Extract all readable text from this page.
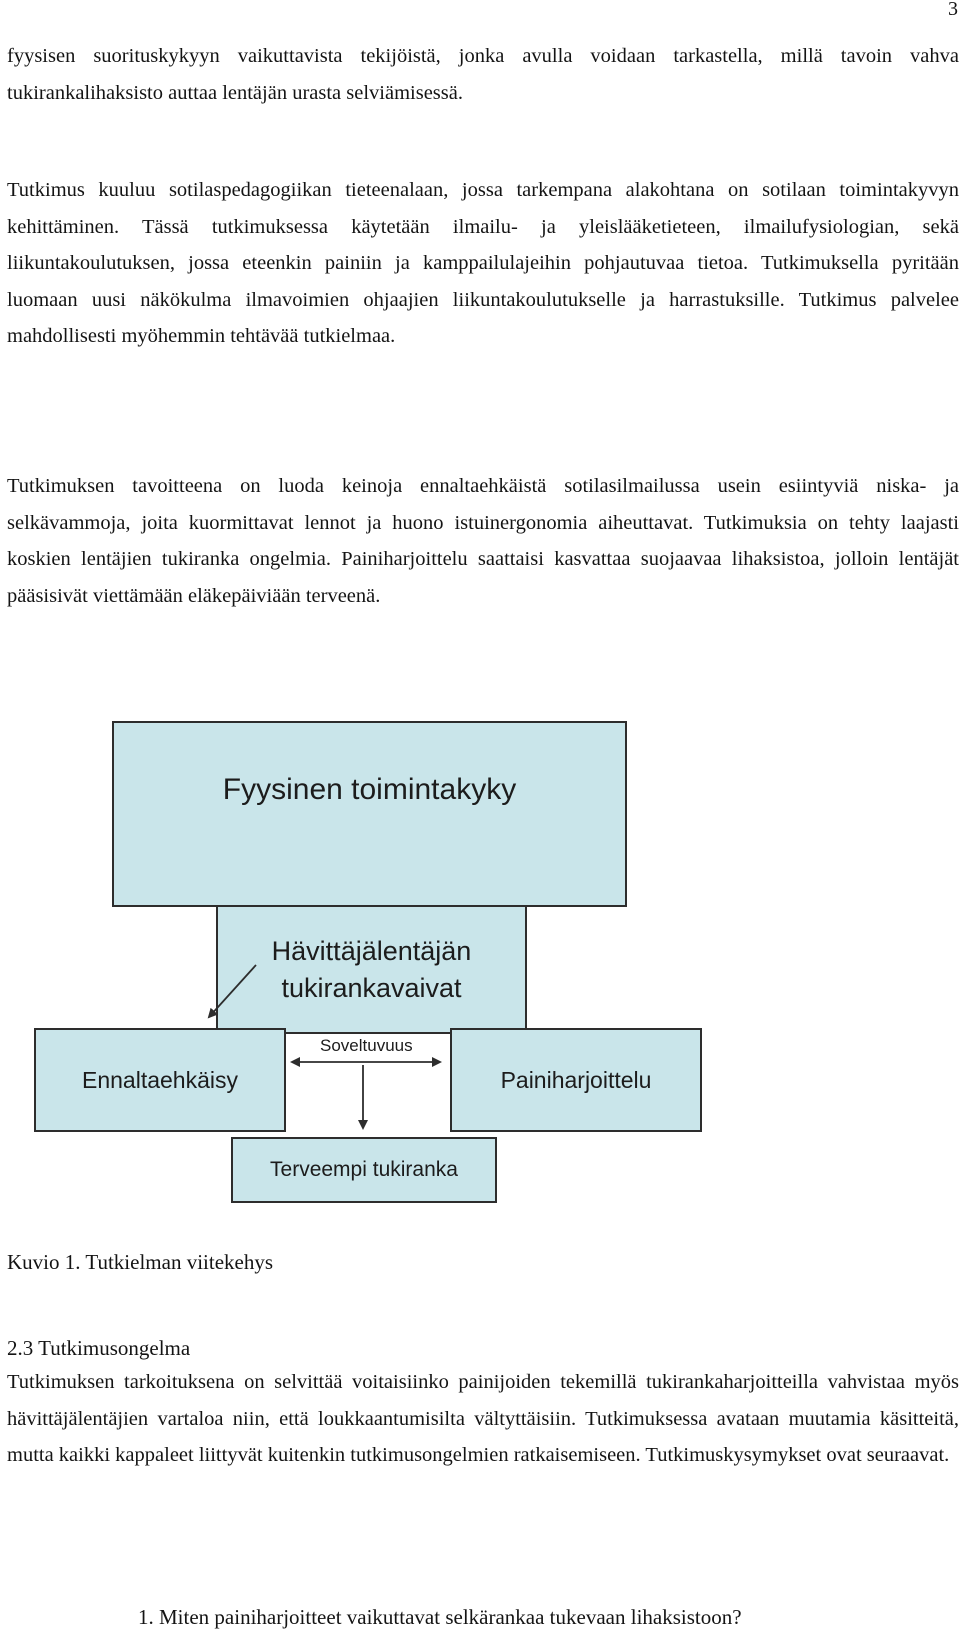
3

fyysisen suorituskykyyn vaikuttavista tekijöistä, jonka avulla voidaan tarkastella, millä tavoin vahva tukirankalihaksisto auttaa lentäjän urasta selviämisessä.

Tutkimus kuuluu sotilaspedagogiikan tieteenalaan, jossa tarkempana alakohtana on sotilaan toimintakyvyn kehittäminen. Tässä tutkimuksessa käytetään ilmailu- ja yleislääketieteen, ilmailufysiologian, sekä liikuntakoulutuksen, jossa eteenkin painiin ja kamppailulajeihin pohjautuvaa tietoa. Tutkimuksella pyritään luomaan uusi näkökulma ilmavoimien ohjaajien liikuntakoulutukselle ja harrastuksille. Tutkimus palvelee mahdollisesti myöhemmin tehtävää tutkielmaa.

Tutkimuksen tavoitteena on luoda keinoja ennaltaehkäistä sotilasilmailussa usein esiintyviä niska- ja selkävammoja, joita kuormittavat lennot ja huono istuinergonomia aiheuttavat. Tutkimuksia on tehty laajasti koskien lentäjien tukiranka ongelmia. Painiharjoittelu saattaisi kasvattaa suojaavaa lihaksistoa, jolloin lentäjät pääsisivät viettämään eläkepäiviään terveenä.

Fyysinen toimintakyky
Hävittäjälentäjän
tukirankavaivat
Ennaltaehkäisy	Painiharjoittelu
Terveempi tukiranka
Soveltuvuus
Kuvio 1. Tutkielman viitekehys
2.3 Tutkimusongelma

Tutkimuksen tarkoituksena on selvittää voitaisiinko painijoiden tekemillä tukirankaharjoitteilla vahvistaa myös hävittäjälentäjien vartaloa niin, että loukkaantumisilta vältyttäisiin. Tutkimuksessa avataan muutamia käsitteitä, mutta kaikki kappaleet liittyvät kuitenkin tutkimusongelmien ratkaisemiseen. Tutkimuskysymykset ovat seuraavat.

1. Miten painiharjoitteet vaikuttavat selkärankaa tukevaan lihaksistoon?
